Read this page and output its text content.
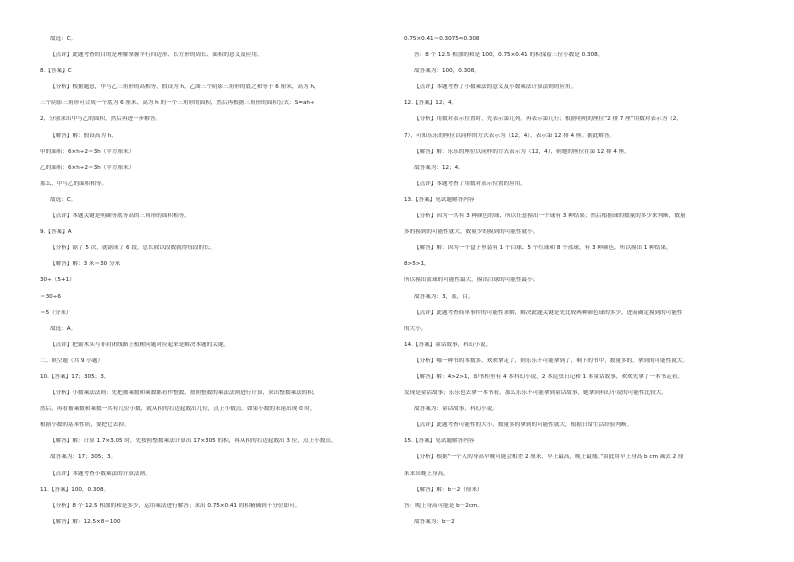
故选：C。
【点评】此题考查的目的是理解掌握平行四边形、长方形的周长、面积的意义及应用。
8.【答案】C
【分析】根据题意，甲与乙三角形的高相等，假设为 h，乙图三个阴影三角形的底之和等于 6 厘米，高为 h，
三个阴影三角形可合成一个底为 6 厘米、高为 h 的一个三角形的面积，然后再根据三角形的面积公式：S=ah÷
2，分别求出甲与乙的面积，然后再进一步解答。
【解答】解：假设高为 h，
甲的面积：6×h÷2＝3h（平方厘米）
乙的面积：6×h÷2＝3h（平方厘米）
那么，甲与乙的面积相等。
故选：C。
【点评】本题关键是明确等底等高的三角形的面积相等。
9.【答案】A
【分析】锯了 5 次，就锯成了 6 段，总长除以段数就得每段的长。
【解答】解：3 米＝30 分米
30÷（5+1）
＝30÷6
＝5（分米）
故选：A。
【点评】把锯木头与非封闭线路上植树问题对应起来是解决本题的关键。
二、填空题（共 9 小题）
10.【答案】17；305；3。
【分析】小数乘法法则：先把被乘数和乘数都看作整数，按照整数的乘法法则进行计算，求出整数乘法的积，
然后，再看被乘数和乘数一共有几位小数，就从积的右边起数出几位，点上小数点。如果小数的末尾出现 0 时，
根据小数的基本性质，要把它去掉。
【解答】解：计算 1.7×3.05 时，先按照整数乘法计算出 17×305 的积，再从积的右边起数出 3 位，点上小数点。
故答案为：17；305；3。
【点评】本题考查小数乘法的计算法则。
11.【答案】100，0.308。
【分析】8 个 12.5 相加的和是多少，运用乘法进行解答；求出 0.75×0.41 的积精确到千分位即可。
【解答】解：12.5×8＝100
0.75×0.41＝0.3075≈0.308
答：8 个 12.5 相加的和是 100，0.75×0.41 的积保留三位小数是 0.308。
故答案为：100，0.308。
【点评】本题考查了小数乘法的意义及小数乘法计算法则的应用。
12.【答案】12；4。
【分析】用数对表示位置时，先表示第几列，再表示第几行；根据明明的座位“2 排 7 座”用数对表示为（2，
7），可知乐乐的座位以同样的方式表示为（12，4），表示第 12 排 4 座。据此解答。
【解答】解：乐乐的座位以同样的方式表示为（12，4），则她的座位在第 12 排 4 座。
故答案为：12；4。
【点评】本题考查了用数对表示位置的应用。
13.【答案】见试题解答内容
【分析】因为一共有 3 种颜色的球，所以任意摸出一个球有 3 种结果；然后根据球的数量的多少来判断，数量
多的摸到的可能性就大，数量少的摸到的可能性就小。
【解答】解：因为一个盒子里装有 1 个白球、5 个红球和 8 个蓝球，有 3 种颜色，所以摸出 1 种结果，
8>5>1，
所以摸出蓝球的可能性最大，摸出白球的可能性最小；
故答案为：3，蓝，白。
【点评】此题考查简单事件的可能性求解，解决此题关键是先比较两种颜色球的多少，进而确定摸到的可能性
的大小。
14.【答案】童话故事，科幻小说。
【分析】哪一种书的本数多，欢欢拿走了，则乐乐不可能拿到了，剩下的书中，数量多的，拿到的可能性就大。
【解答】解：4>2>1，即书柜里有 4 本科幻小说，2 本昆虫日记和 1 本童话故事，欢欢先拿了一本书走看，
发现是童话故事；乐乐也去拿一本书看，那么乐乐不可能拿到童话故事，她拿到科幻小说的可能性比较大。
故答案为：童话故事，科幻小说。
【点评】此题考查可能性的大小，数量多的拿到的可能性就大，根据日常生活经验判断。
15.【答案】见试题解答内容
【分析】根据“一个人的身高早晚可能会相差 2 厘米，早上最高，晚上最矮。”由此用早上身高 b cm 减去 2 厘
米求出晚上身高。
【解答】解：b－2（厘米）
答：晚上身高可能是 b－2cm。
故答案为：b－2
